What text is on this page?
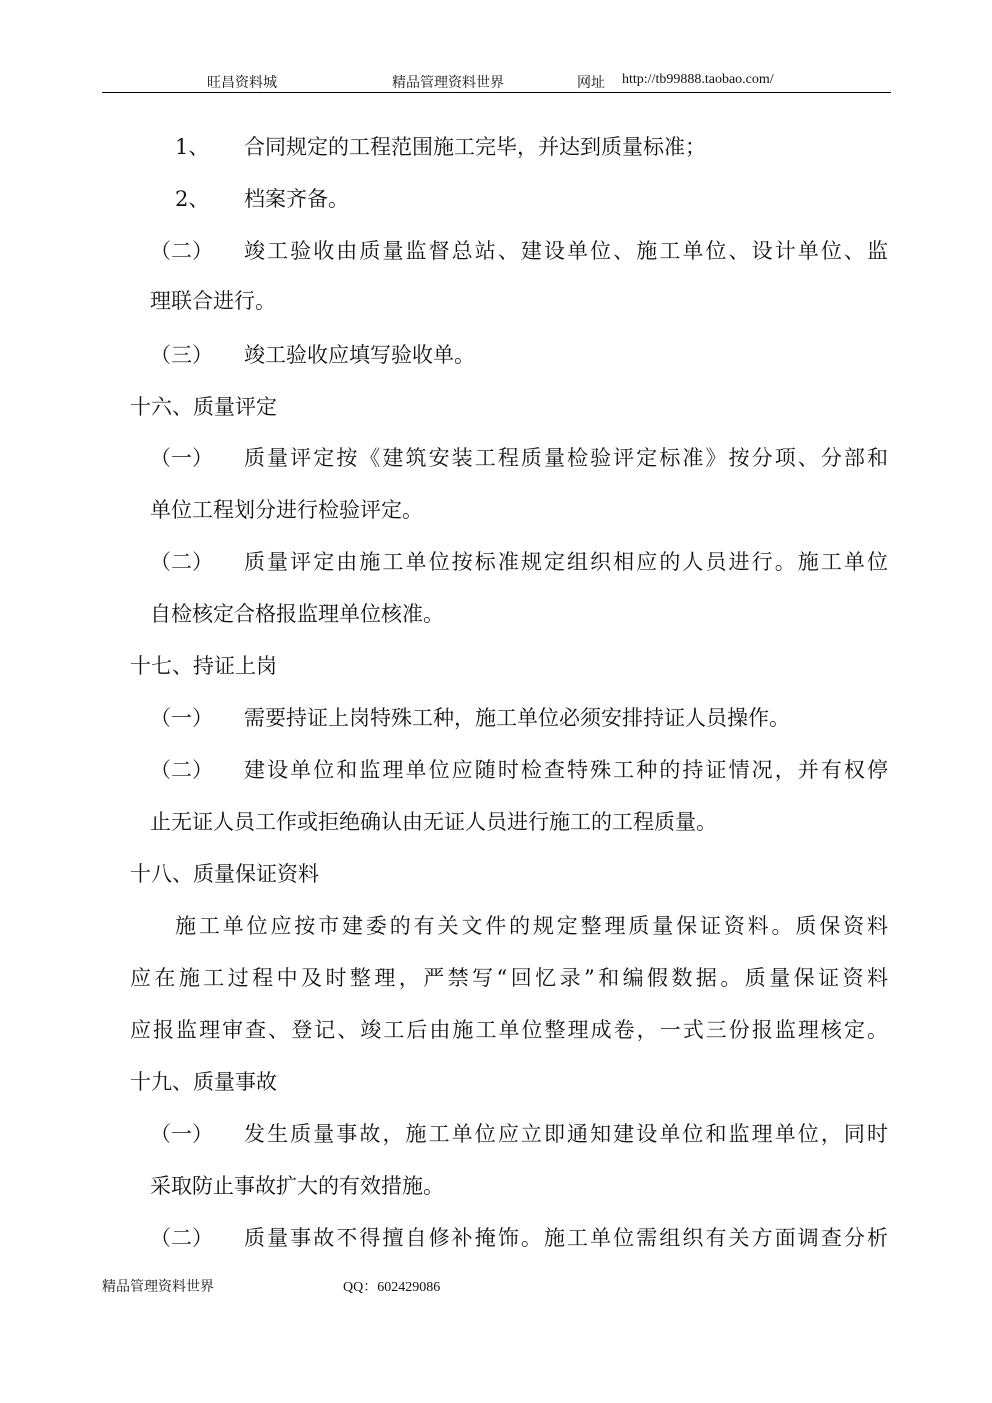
旺昌资料城	精品管理资料世界	网址 http://tb99888.taobao.com/
1、 合同规定的工程范围施工完毕，并达到质量标准；
2、 档案齐备。
（二） 竣工验收由质量监督总站、建设单位、施工单位、设计单位、监
理联合进行。
（三） 竣工验收应填写验收单。
十六、质量评定
（一） 质量评定按《建筑安装工程质量检验评定标准》按分项、分部和
单位工程划分进行检验评定。
（二） 质量评定由施工单位按标准规定组织相应的人员进行。施工单位
自检核定合格报监理单位核准。
十七、持证上岗
（一） 需要持证上岗特殊工种，施工单位必须安排持证人员操作。
（二） 建设单位和监理单位应随时检查特殊工种的持证情况，并有权停
止无证人员工作或拒绝确认由无证人员进行施工的工程质量。
十八、质量保证资料
施工单位应按市建委的有关文件的规定整理质量保证资料。质保资料
应在施工过程中及时整理，严禁写“回忆录”和编假数据。质量保证资料
应报监理审查、登记、竣工后由施工单位整理成卷，一式三份报监理核定。
十九、质量事故
（一） 发生质量事故，施工单位应立即通知建设单位和监理单位，同时
采取防止事故扩大的有效措施。
（二） 质量事故不得擅自修补掩饰。施工单位需组织有关方面调查分析
精品管理资料世界	QQ：602429086
